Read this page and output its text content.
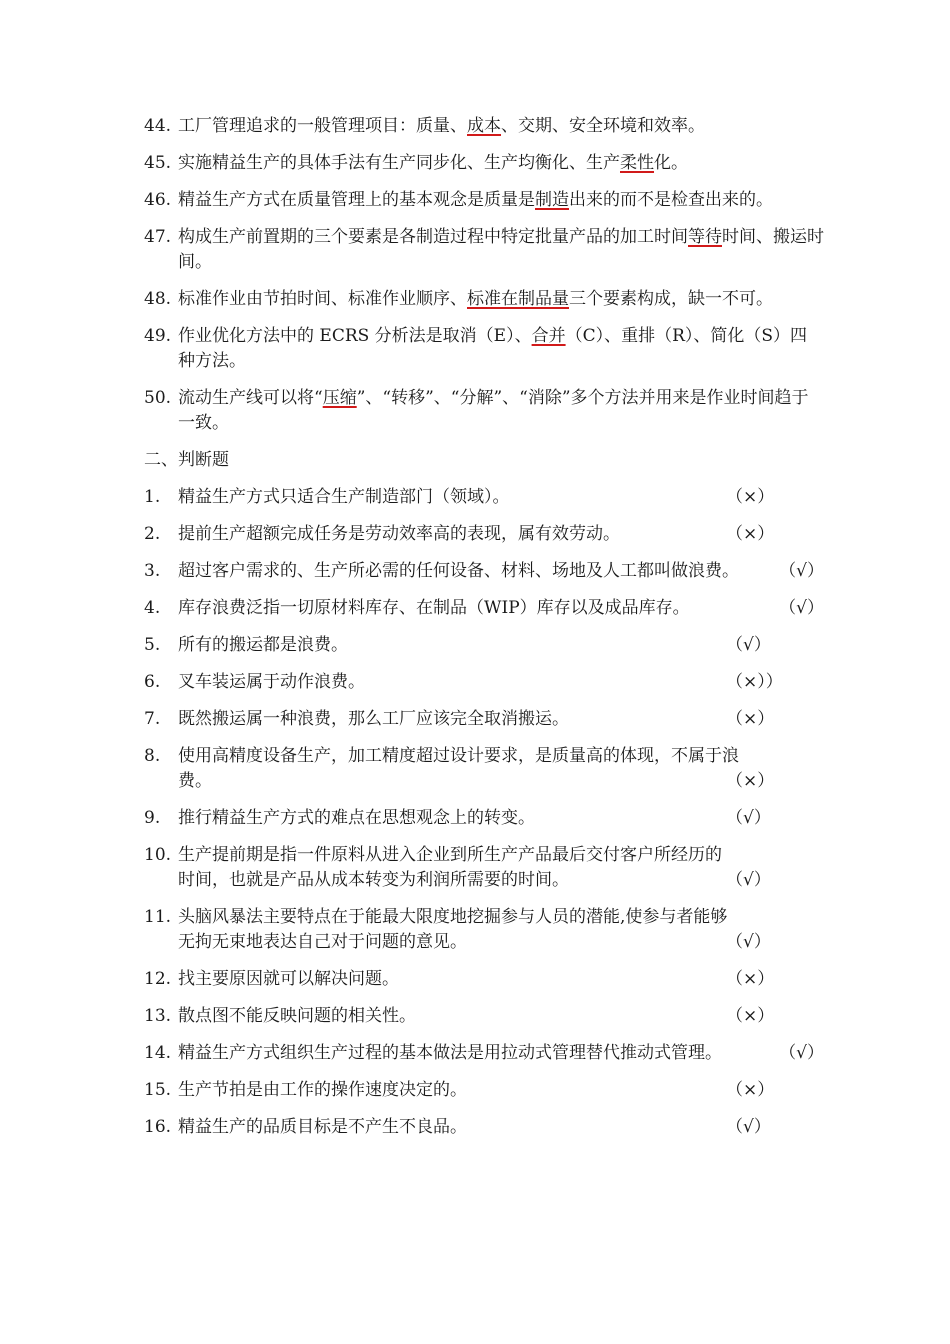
44. 工厂管理追求的一般管理项目：质量、成本、交期、安全环境和效率。
45. 实施精益生产的具体手法有生产同步化、生产均衡化、生产柔性化。
46. 精益生产方式在质量管理上的基本观念是质量是制造出来的而不是检查出来的。
47. 构成生产前置期的三个要素是各制造过程中特定批量产品的加工时间等待时间、搬运时间。
48. 标准作业由节拍时间、标准作业顺序、标准在制品量三个要素构成，缺一不可。
49. 作业优化方法中的 ECRS 分析法是取消（E）、合并（C）、重排（R）、简化（S）四种方法。
50. 流动生产线可以将“压缩”、“转移”、“分解”、“消除”多个方法并用来是作业时间趋于一致。
二、判断题
1.	精益生产方式只适合生产制造部门（领域）。	（×）
2.	提前生产超额完成任务是劳动效率高的表现，属有效劳动。	（×）
3.	超过客户需求的、生产所必需的任何设备、材料、场地及人工都叫做浪费。 （√）
4.	库存浪费泛指一切原材料库存、在制品（WIP）库存以及成品库存。	（√）
5.	所有的搬运都是浪费。	（√）
6.	叉车装运属于动作浪费。	（×））
7.	既然搬运属一种浪费，那么工厂应该完全取消搬运。	（×）
8.	使用高精度设备生产，加工精度超过设计要求，是质量高的体现，不属于浪
费。	（×）
9.	推行精益生产方式的难点在思想观念上的转变。	（√）
10. 生产提前期是指一件原料从进入企业到所生产产品最后交付客户所经历的
时间，也就是产品从成本转变为利润所需要的时间。	（√）
11. 头脑风暴法主要特点在于能最大限度地挖掘参与人员的潜能,使参与者能够
无拘无束地表达自己对于问题的意见。	（√）
12. 找主要原因就可以解决问题。	（×）
13. 散点图不能反映问题的相关性。	（×）
14. 精益生产方式组织生产过程的基本做法是用拉动式管理替代推动式管理。	（√）
15. 生产节拍是由工作的操作速度决定的。	（×）
16. 精益生产的品质目标是不产生不良品。	（√）
